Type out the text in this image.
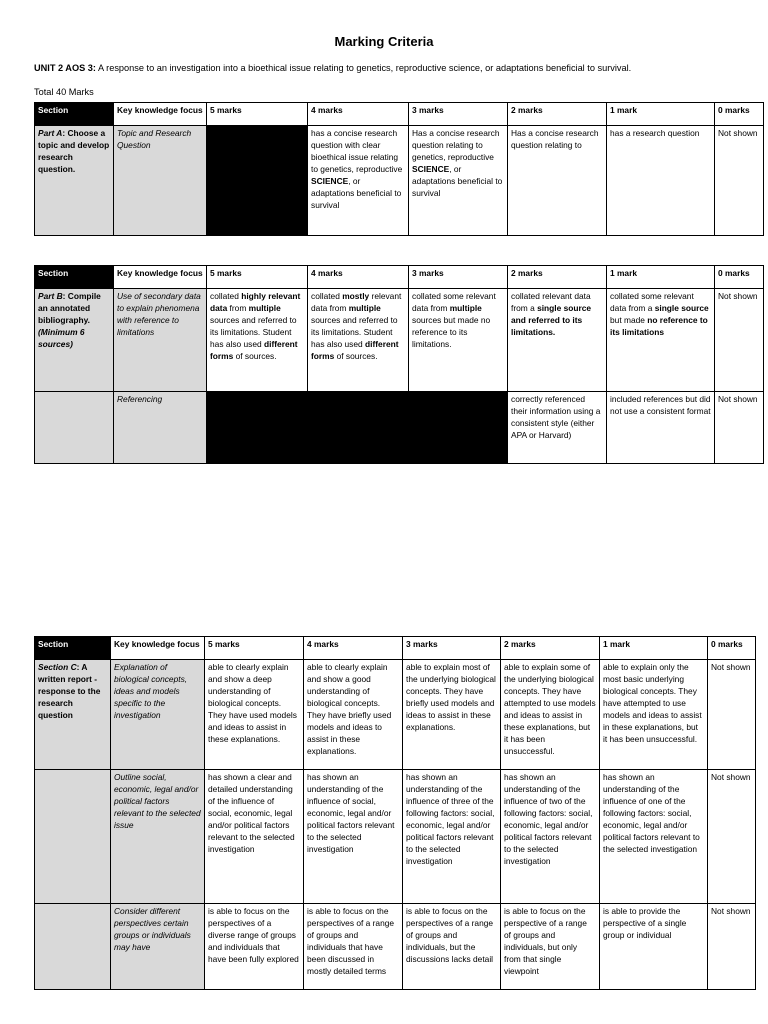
Marking Criteria
UNIT 2 AOS 3: A response to an investigation into a bioethical issue relating to genetics, reproductive science, or adaptations beneficial to survival.
Total 40 Marks
Section	Key knowledge focus	5 marks	4 marks	3 marks	2 marks	1 mark	0 marks
Part A: Choose a topic and develop research question.	Topic and Research Question		has a concise research question with clear bioethical issue relating to genetics, reproductive SCIENCE, or adaptations beneficial to survival	Has a concise research question relating to genetics, reproductive SCIENCE, or adaptations beneficial to survival	Has a concise research question relating to	has a research question	Not shown
Section	Key knowledge focus	5 marks	4 marks	3 marks	2 marks	1 mark	0 marks
Part B: Compile an annotated bibliography. (Minimum 6 sources)	Use of secondary data to explain phenomena with reference to limitations	collated highly relevant data from multiple sources and referred to its limitations. Student has also used different forms of sources.	collated mostly relevant data from multiple sources and referred to its limitations. Student has also used different forms of sources.	collated some relevant data from multiple sources but made no reference to its limitations.	collated relevant data from a single source and referred to its limitations.	collated some relevant data from a single source but made no reference to its limitations	Not shown
	Referencing				correctly referenced their information using a consistent style (either APA or Harvard)	included references but did not use a consistent format	Not shown
Section	Key knowledge focus	5 marks	4 marks	3 marks	2 marks	1 mark	0 marks
Section C: A written report - response to the research question	Explanation of biological concepts, ideas and models specific to the investigation	able to clearly explain and show a deep understanding of biological concepts. They have used models and ideas to assist in these explanations.	able to clearly explain and show a good understanding of biological concepts. They have briefly used models and ideas to assist in these explanations.	able to explain most of the underlying biological concepts. They have briefly used models and ideas to assist in these explanations.	able to explain some of the underlying biological concepts. They have attempted to use models and ideas to assist in these explanations, but it has been unsuccessful.	able to explain only the most basic underlying biological concepts. They have attempted to use models and ideas to assist in these explanations, but it has been unsuccessful.	Not shown
	Outline social, economic, legal and/or political factors relevant to the selected issue	has shown a clear and detailed understanding of the influence of social, economic, legal and/or political factors relevant to the selected investigation	has shown an understanding of the influence of social, economic, legal and/or political factors relevant to the selected investigation	has shown an understanding of the influence of three of the following factors: social, economic, legal and/or political factors relevant to the selected investigation	has shown an understanding of the influence of two of the following factors: social, economic, legal and/or political factors relevant to the selected investigation	has shown an understanding of the influence of one of the following factors: social, economic, legal and/or political factors relevant to the selected investigation	Not shown
	Consider different perspectives certain groups or individuals may have	is able to focus on the perspectives of a diverse range of groups and individuals that have been fully explored	is able to focus on the perspectives of a range of groups and individuals that have been discussed in mostly detailed terms	is able to focus on the perspectives of a range of groups and individuals, but the discussions lacks detail	is able to focus on the perspective of a range of groups and individuals, but only from that single viewpoint	is able to provide the perspective of a single group or individual	Not shown
